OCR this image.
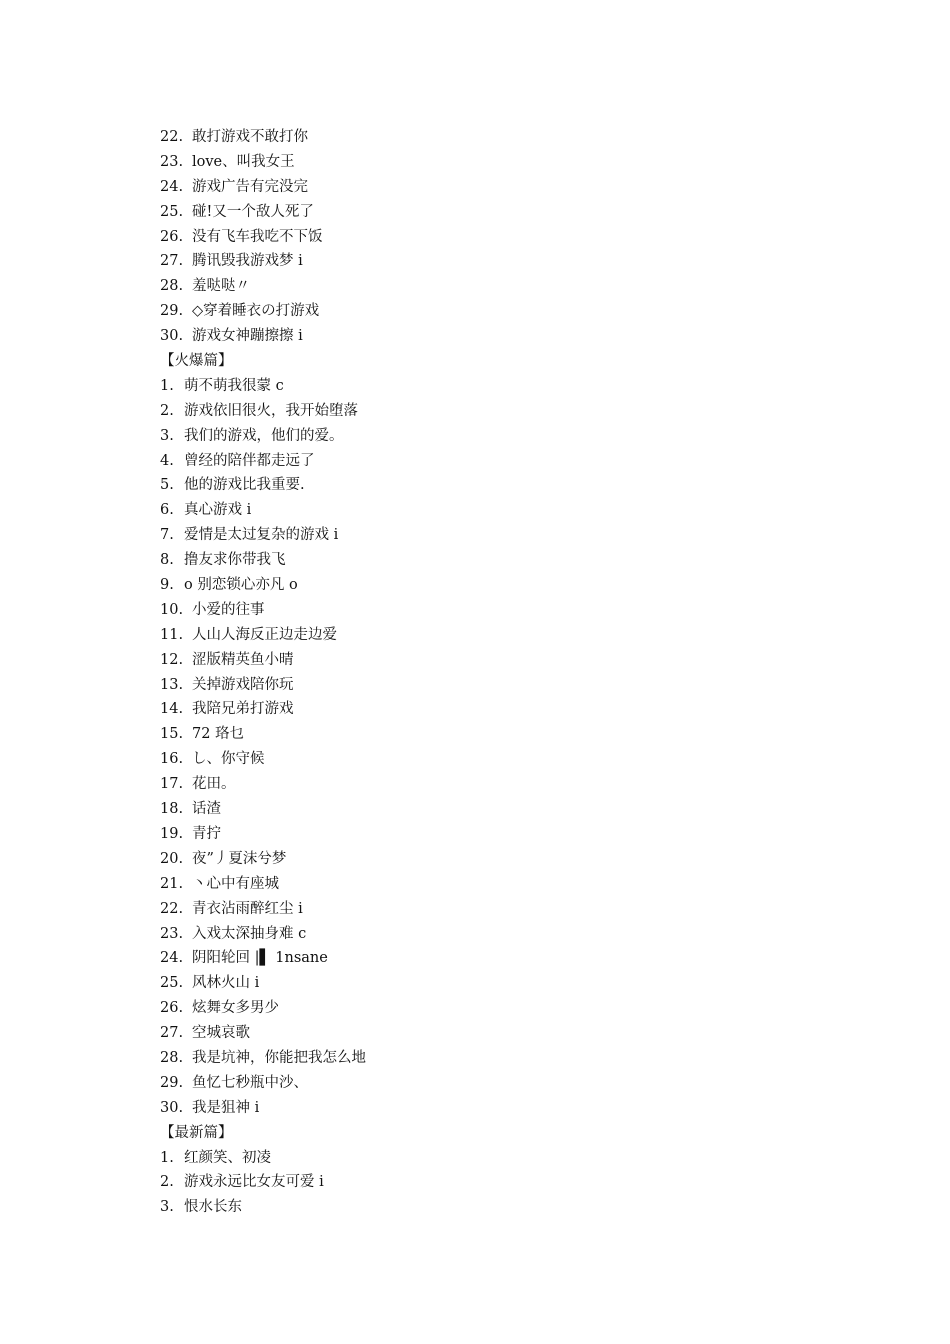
22. 敢打游戏不敢打你
23. love、叫我女王
24. 游戏广告有完没完
25. 碰!又一个敌人死了
26. 没有飞车我吃不下饭
27. 腾讯毁我游戏梦 i
28. 羞哒哒〃
29. ◇穿着睡衣の打游戏
30. 游戏女神蹦擦擦 i
【火爆篇】
1. 萌不萌我很蒙 c
2. 游戏依旧很火，我开始堕落
3. 我们的游戏，他们的爱。
4. 曾经的陪伴都走远了
5. 他的游戏比我重要.
6. 真心游戏 i
7. 爱情是太过复杂的游戏 i
8. 撸友求你带我飞
9. o 别恋锁心亦凡 o
10. 小爱的往事
11. 人山人海反正边走边爱
12. 涩版精英鱼小晴
13. 关掉游戏陪你玩
14. 我陪兄弟打游戏
15. 72 珞乜
16. し、你守候
17. 花田。
18. 话渣
19. 青拧
20. 夜”丿夏沫兮梦
21. 丶心中有座城
22. 青衣沾雨醉红尘 i
23. 入戏太深抽身难 c
24. 阴阳轮回 |▌ 1nsane
25. 风林火山 i
26. 炫舞女多男少
27. 空城哀歌
28. 我是坑神，你能把我怎么地
29. 鱼忆七秒瓶中沙、
30. 我是狙神 i
【最新篇】
1. 红颜笑、初凌
2. 游戏永远比女友可爱 i
3. 恨水长东
